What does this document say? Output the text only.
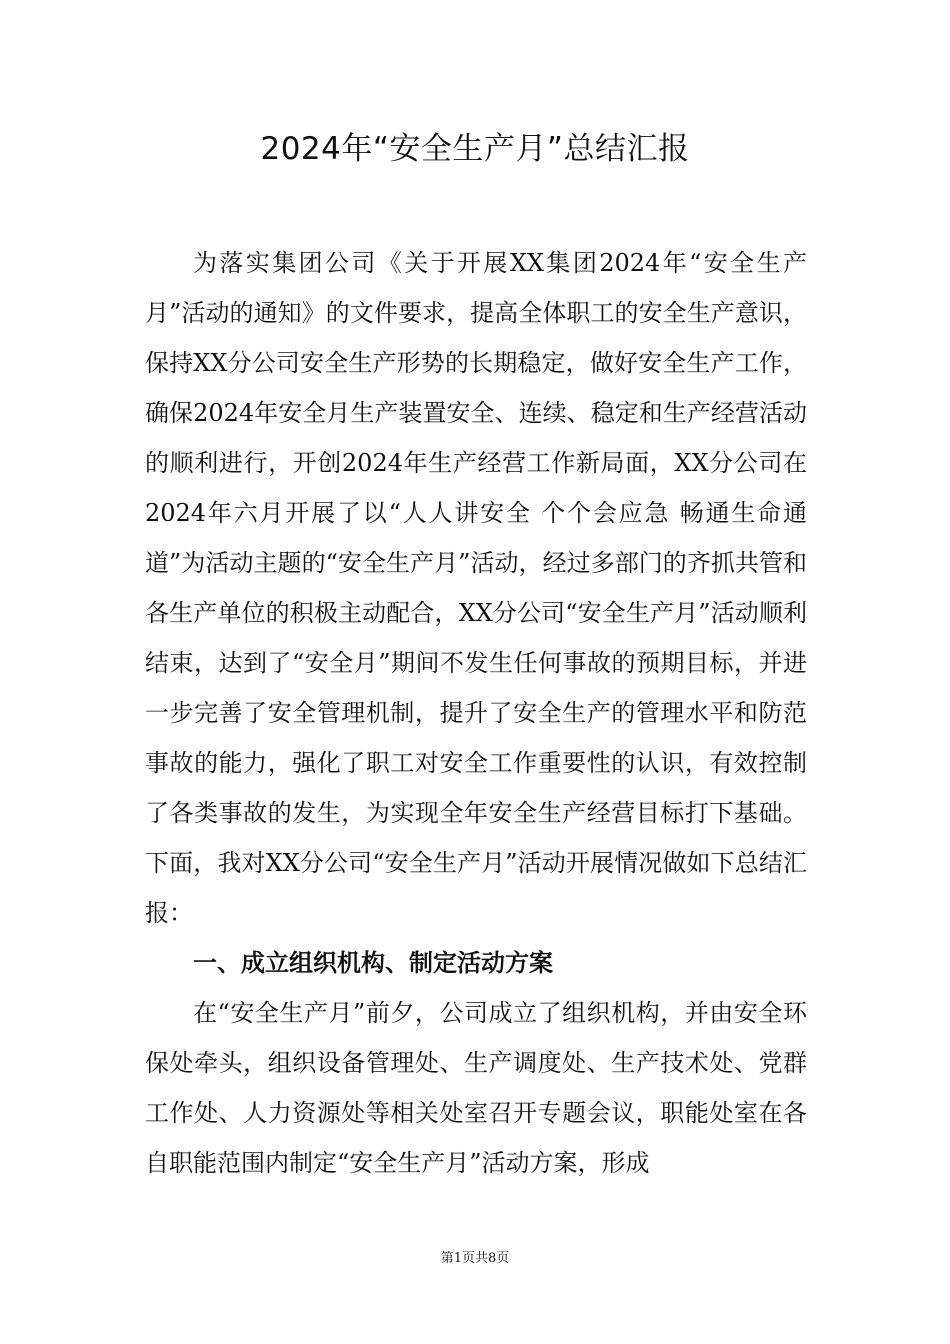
2024年“安全生产月”总结汇报

为落实集团公司《关于开展XX集团2024年“安全生产月”活动的通知》的文件要求，提高全体职工的安全生产意识，保持XX分公司安全生产形势的长期稳定，做好安全生产工作，确保2024年安全月生产装置安全、连续、稳定和生产经营活动的顺利进行，开创2024年生产经营工作新局面，XX分公司在2024年六月开展了以“人人讲安全 个个会应急 畅通生命通道”为活动主题的“安全生产月”活动，经过多部门的齐抓共管和各生产单位的积极主动配合，XX分公司“安全生产月”活动顺利结束，达到了“安全月”期间不发生任何事故的预期目标，并进一步完善了安全管理机制，提升了安全生产的管理水平和防范事故的能力，强化了职工对安全工作重要性的认识，有效控制了各类事故的发生，为实现全年安全生产经营目标打下基础。下面，我对XX分公司“安全生产月”活动开展情况做如下总结汇报：

一、成立组织机构、制定活动方案

在“安全生产月”前夕，公司成立了组织机构，并由安全环保处牵头，组织设备管理处、生产调度处、生产技术处、党群工作处、人力资源处等相关处室召开专题会议，职能处室在各自职能范围内制定“安全生产月”活动方案，形成

第1页共8页
